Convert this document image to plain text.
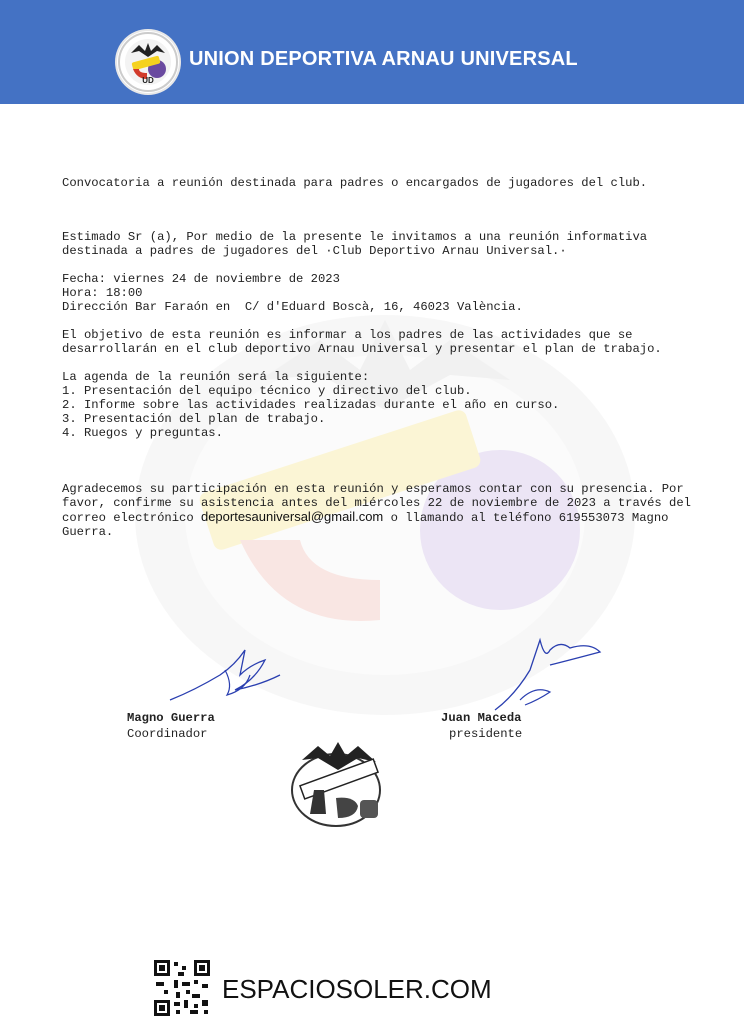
UD
UNION DEPORTIVA ARNAU UNIVERSAL

Convocatoria a reunión destinada para padres o encargados de jugadores del club.

Estimado Sr (a), Por medio de la presente le invitamos a una reunión informativa destinada a padres de jugadores del ·Club Deportivo Arnau Universal.·

Fecha: viernes 24 de noviembre de 2023

Hora: 18:00

Dirección Bar Faraón en  C/ d'Eduard Boscà, 16, 46023 València.

El objetivo de esta reunión es informar a los padres de las actividades que se desarrollarán en el club deportivo Arnau Universal y presentar el plan de trabajo.

La agenda de la reunión será la siguiente:

1. Presentación del equipo técnico y directivo del club.

2. Informe sobre las actividades realizadas durante el año en curso.

3. Presentación del plan de trabajo.

4. Ruegos y preguntas.

Agradecemos su participación en esta reunión y esperamos contar con su presencia. Por favor, confirme su asistencia antes del miércoles 22 de noviembre de 2023 a través del correo electrónico deportesauniversal@gmail.com o llamando al teléfono 619553073 Magno Guerra.

Magno Guerra
Coordinador
Juan Maceda
presidente
ESPACIOSOLER.COM
